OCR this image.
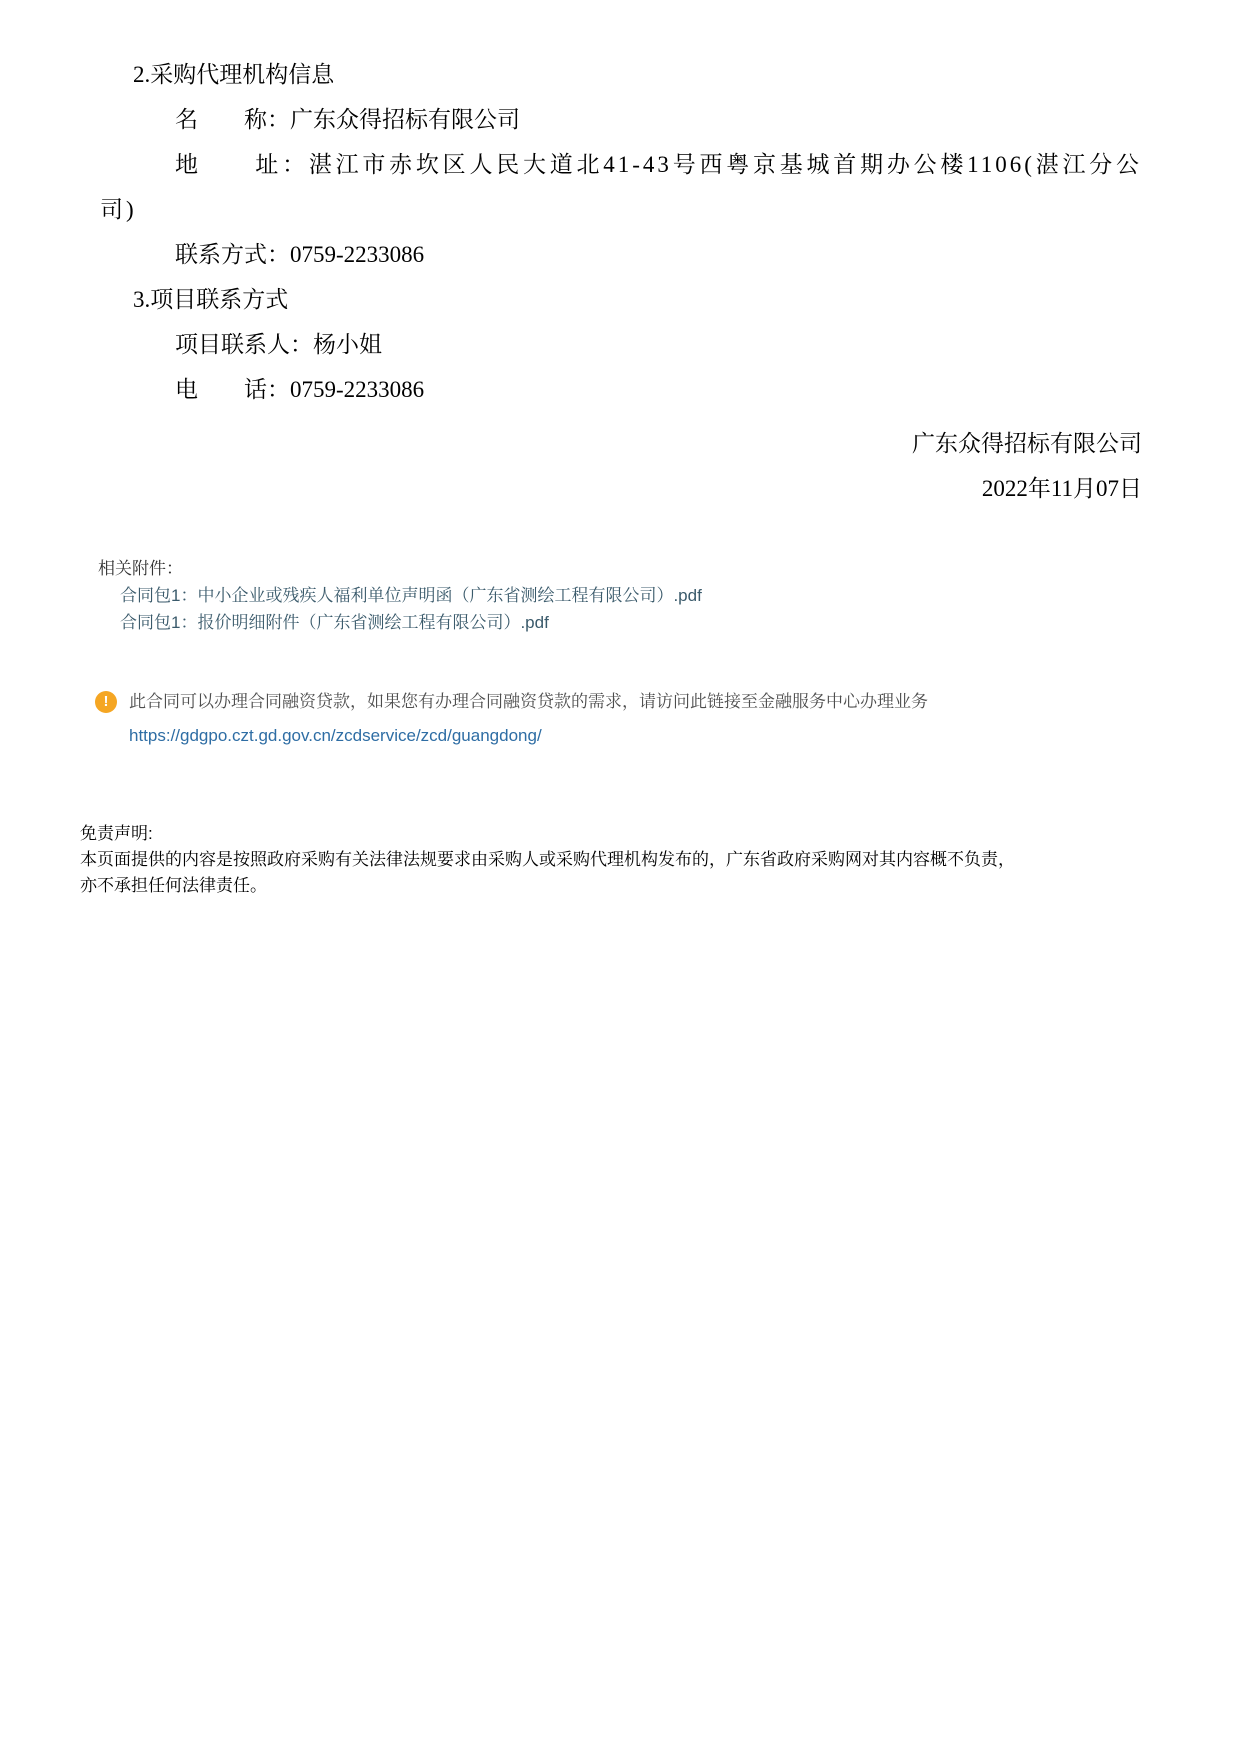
2.采购代理机构信息

名　　称：广东众得招标有限公司

地　　址：湛江市赤坎区人民大道北41-43号西粤京基城首期办公楼1106(湛江分公司)

联系方式：0759-2233086

3.项目联系方式

项目联系人：杨小姐

电　　话：0759-2233086

广东众得招标有限公司

2022年11月07日

相关附件：
合同包1：中小企业或残疾人福利单位声明函（广东省测绘工程有限公司）.pdf
合同包1：报价明细附件（广东省测绘工程有限公司）.pdf
!	此合同可以办理合同融资贷款，如果您有办理合同融资贷款的需求，请访问此链接至金融服务中心办理业务
https://gdgpo.czt.gd.gov.cn/zcdservice/zcd/guangdong/

免责声明:

本页面提供的内容是按照政府采购有关法律法规要求由采购人或采购代理机构发布的，广东省政府采购网对其内容概不负责，亦不承担任何法律责任。
